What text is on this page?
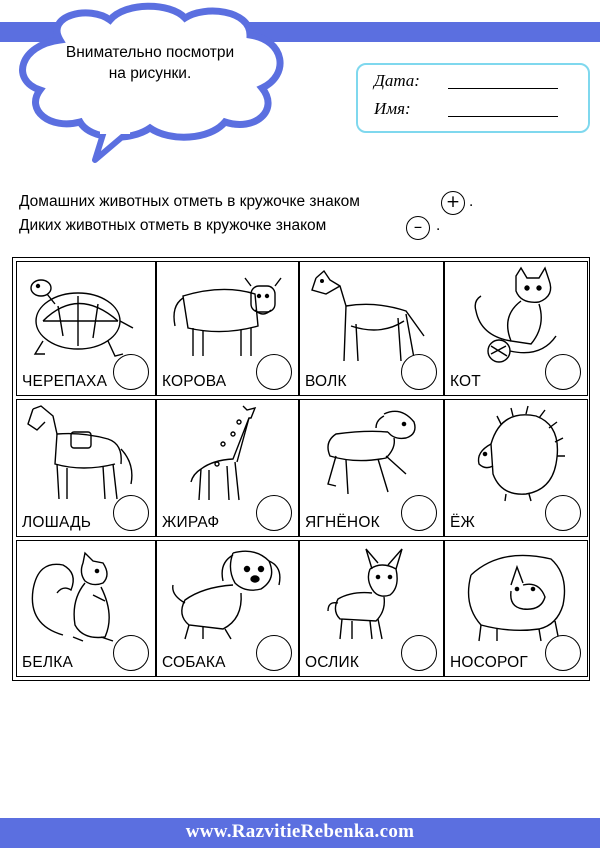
Внимательно посмотри
на рисунки.	Дата:
Имя:
Домашних животных отметь в кружочке знаком	+ .
Диких животных отметь в кружочке знаком	– .
ЧЕРЕПАХА	КОРОВА	ВОЛК	КОТ
ЛОШАДЬ	ЖИРАФ	ЯГНЁНОК	ЁЖ
БЕЛКА	СОБАКА	ОСЛИК	НОСОРОГ
www.RazvitieRebenka.com
